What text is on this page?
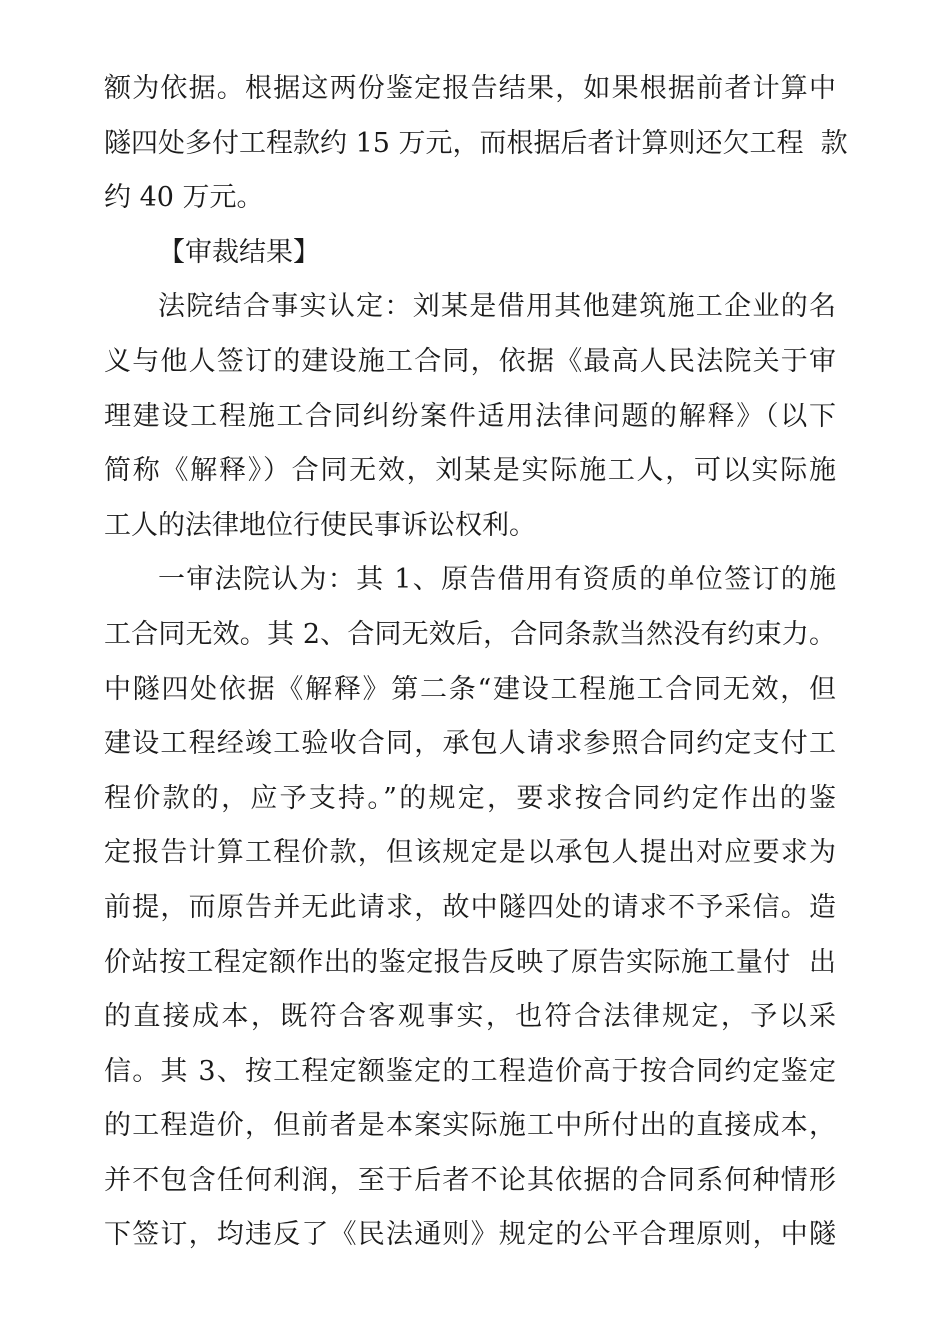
额为依据。根据这两份鉴定报告结果，如果根据前者计算中
隧四处多付工程款约 15 万元，而根据后者计算则还欠工程  款
约 40 万元。
【审裁结果】
法院结合事实认定：刘某是借用其他建筑施工企业的名
义与他人签订的建设施工合同，依据《最高人民法院关于审
理建设工程施工合同纠纷案件适用法律问题的解释》（以下
简称《解释》）合同无效，刘某是实际施工人，可以实际施
工人的法律地位行使民事诉讼权利。
一审法院认为：其 1、原告借用有资质的单位签订的施
工合同无效。其 2、合同无效后，合同条款当然没有约束力。
中隧四处依据《解释》第二条“建设工程施工合同无效，但
建设工程经竣工验收合同，承包人请求参照合同约定支付工
程价款的，应予支持。”的规定，要求按合同约定作出的鉴
定报告计算工程价款，但该规定是以承包人提出对应要求为
前提，而原告并无此请求，故中隧四处的请求不予采信。造
价站按工程定额作出的鉴定报告反映了原告实际施工量付  出
的直接成本，既符合客观事实，也符合法律规定，予以采
信。其 3、按工程定额鉴定的工程造价高于按合同约定鉴定
的工程造价，但前者是本案实际施工中所付出的直接成本，
并不包含任何利润，至于后者不论其依据的合同系何种情形
下签订，均违反了《民法通则》规定的公平合理原则，中隧
